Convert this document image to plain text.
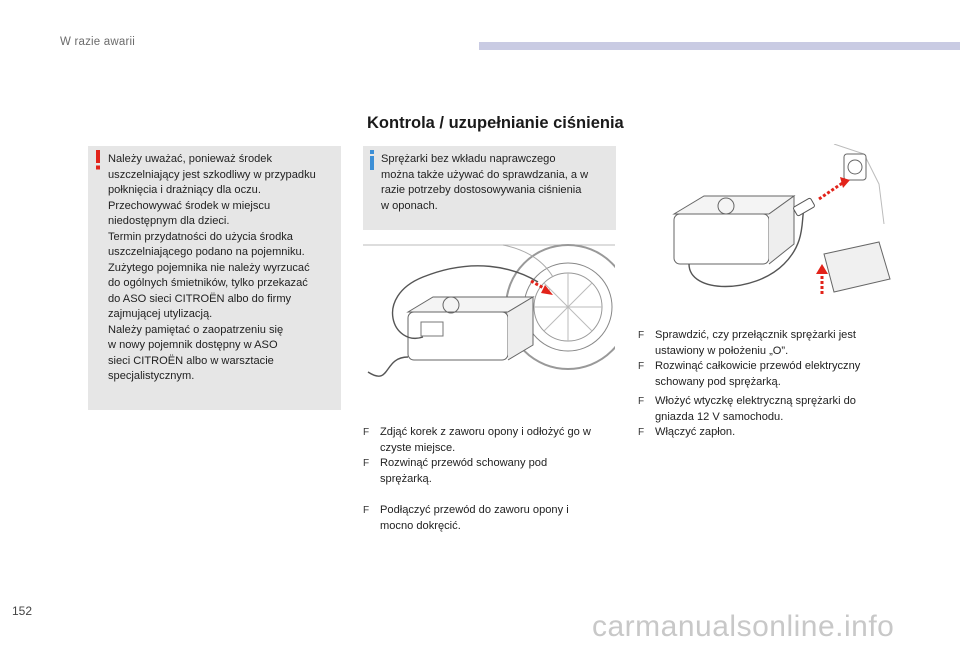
W razie awarii
Kontrola / uzupełnianie ciśnienia
Należy uważać, ponieważ środek
uszczelniający jest szkodliwy w przypadku
połknięcia i drażniący dla oczu.
Przechowywać środek w miejscu
niedostępnym dla dzieci.
Termin przydatności do użycia środka
uszczelniającego podano na pojemniku.
Zużytego pojemnika nie należy wyrzucać
do ogólnych śmietników, tylko przekazać
do ASO sieci CITROËN albo do firmy
zajmującej utylizacją.
Należy pamiętać o zaopatrzeniu się
w nowy pojemnik dostępny w ASO
sieci CITROËN albo w warsztacie
specjalistycznym.
Sprężarki bez wkładu naprawczego
można także używać do sprawdzania, a w
razie potrzeby dostosowywania ciśnienia
w oponach.
F Zdjąć korek z zaworu opony i odłożyć go w
czyste miejsce.
F Rozwinąć przewód schowany pod
sprężarką.
F Podłączyć przewód do zaworu opony i
mocno dokręcić.
F Sprawdzić, czy przełącznik sprężarki jest
ustawiony w położeniu „O”.
F Rozwinąć całkowicie przewód elektryczny
schowany pod sprężarką.
F Włożyć wtyczkę elektryczną sprężarki do
gniazda 12 V samochodu.
F Włączyć zapłon.
152	carmanualsonline.info
